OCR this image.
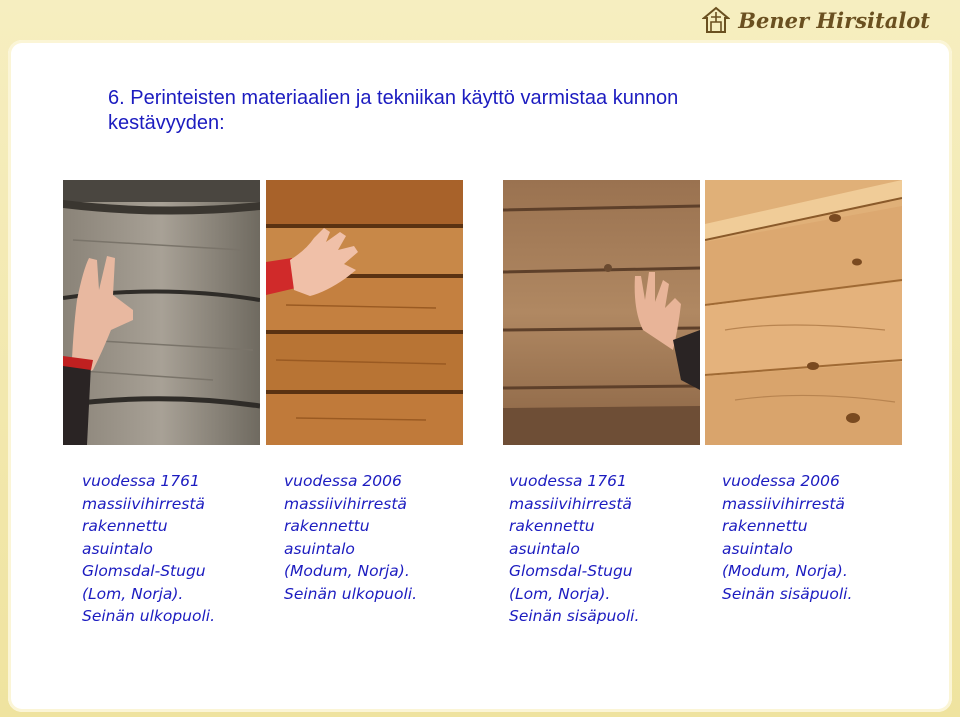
Bener Hirsitalot
6. Perinteisten materiaalien ja tekniikan käyttö varmistaa kunnon
kestävyyden:
vuodessa 1761
massiivihirrestä
rakennettu
asuintalo
Glomsdal-Stugu
(Lom, Norja).
Seinän ulkopuoli.
vuodessa 2006
massiivihirrestä
rakennettu
asuintalo
(Modum, Norja).
Seinän ulkopuoli.
vuodessa 1761
massiivihirrestä
rakennettu
asuintalo
Glomsdal-Stugu
(Lom, Norja).
Seinän sisäpuoli.
vuodessa 2006
massiivihirrestä
rakennettu
asuintalo
(Modum, Norja).
Seinän sisäpuoli.
